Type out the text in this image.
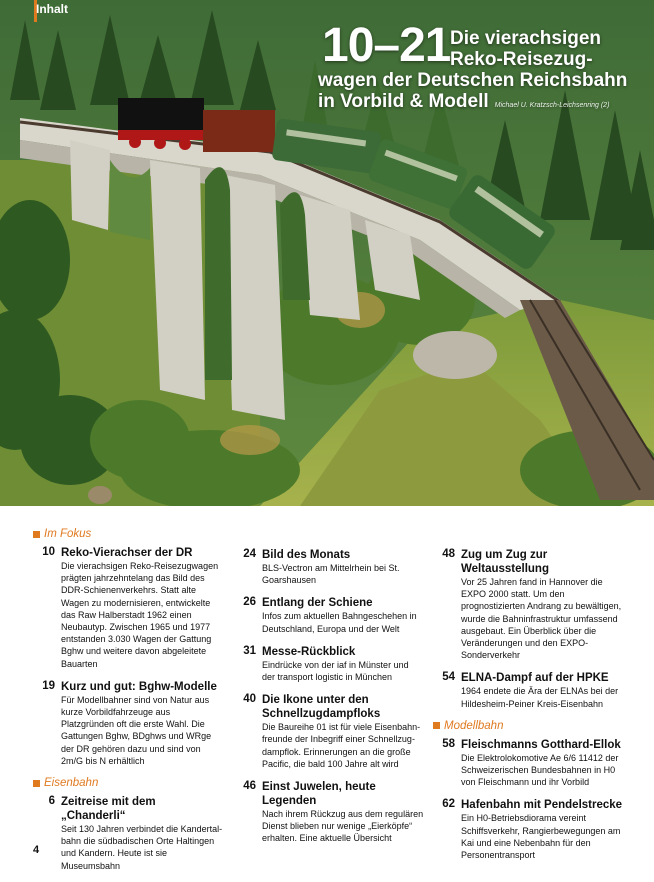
Inhalt
10–21 Die vierachsigen
Reko-Reisezug-
wagen der Deutschen Reichsbahn
in Vorbild & Modell Michael U. Kratzsch-Leichsenring (2)
Im Fokus
10 Reko-Vierachser der DR
Die vierachsigen Reko-Reisezugwagen prägten jahrzehntelang das Bild des DDR-Schienenverkehrs. Statt alte Wagen zu modernisieren, entwickelte das Raw Halberstadt 1962 einen Neubautyp. Zwischen 1965 und 1977 entstanden 3.030 Wagen der Gattung Bghw und weitere davon abgeleitete Bauarten
19 Kurz und gut: Bghw-Modelle
Für Modellbahner sind von Natur aus kurze Vorbildfahrzeuge aus Platzgründen oft die erste Wahl. Die Gattungen Bghw, BDghws und WRge der DR gehören dazu und sind von 2m/G bis N erhältlich
Eisenbahn
6 Zeitreise mit dem „Chanderli“
Seit 130 Jahren verbindet die Kandertalbahn die südbadischen Orte Haltingen und Kandern. Heute ist sie Museumsbahn
24 Bild des Monats
BLS-Vectron am Mittelrhein bei St. Goarshausen
26 Entlang der Schiene
Infos zum aktuellen Bahngeschehen in Deutschland, Europa und der Welt
31 Messe-Rückblick
Eindrücke von der iaf in Münster und der transport logistic in München
40 Die Ikone unter den Schnellzugdampfloks
Die Baureihe 01 ist für viele Eisenbahnfreunde der Inbegriff einer Schnellzugdampflok. Erinnerungen an die große Pacific, die bald 100 Jahre alt wird
46 Einst Juwelen, heute Legenden
Nach ihrem Rückzug aus dem regulären Dienst blieben nur wenige „Eierköpfe“ erhalten. Eine aktuelle Übersicht
48 Zug um Zug zur Weltausstellung
Vor 25 Jahren fand in Hannover die EXPO 2000 statt. Um den prognostizierten Andrang zu bewältigen, wurde die Bahninfrastruktur umfassend ausgebaut. Ein Überblick über die Veränderungen und den EXPO-Sonderverkehr
54 ELNA-Dampf auf der HPKE
1964 endete die Ära der ELNAs bei der Hildesheim-Peiner Kreis-Eisenbahn
Modellbahn
58 Fleischmanns Gotthard-Ellok
Die Elektrolokomotive Ae 6/6 11412 der Schweizerischen Bundesbahnen in H0 von Fleischmann und ihr Vorbild
62 Hafenbahn mit Pendelstrecke
Ein H0-Betriebsdiorama vereint Schiffsverkehr, Rangierbewegungen am Kai und eine Nebenbahn für den Personentransport
4
